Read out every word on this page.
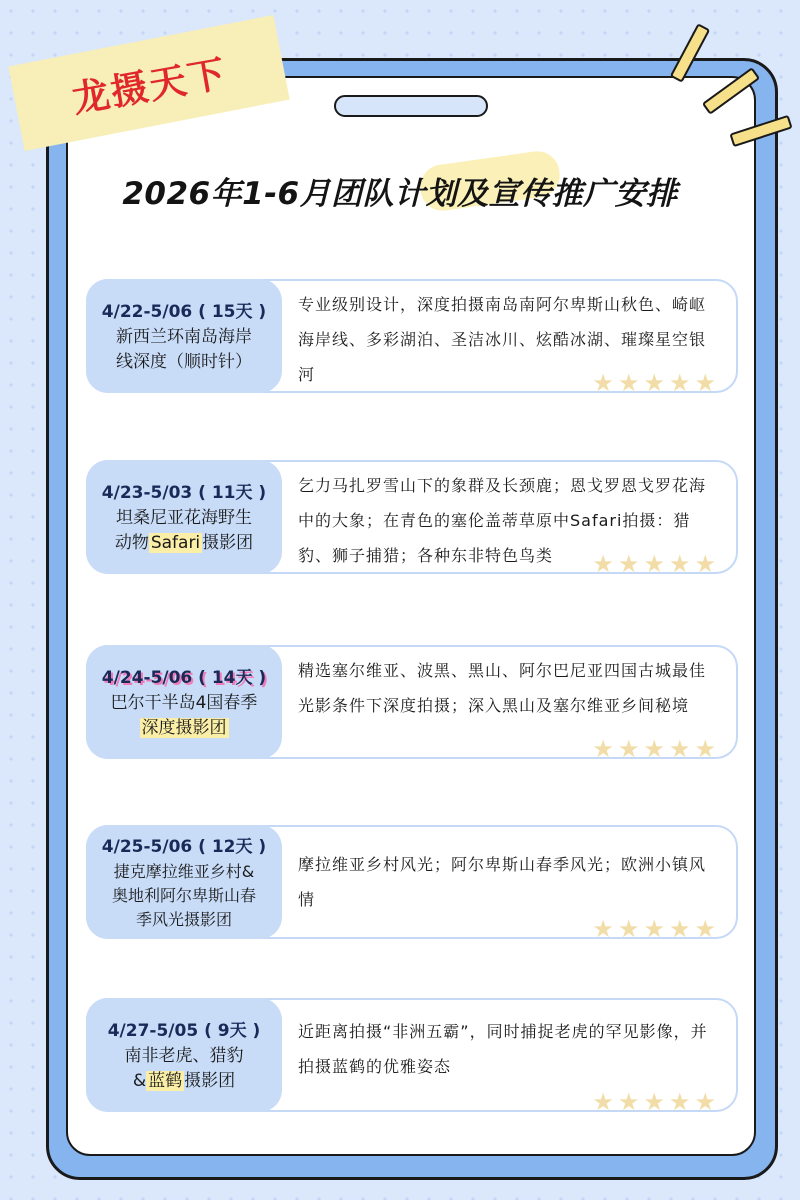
龙摄天下
2026年1-6月团队计划及宣传推广安排
4/22-5/06 ( 15天 )
新西兰环南岛海岸
线深度（顺时针）
专业级别设计，深度拍摄南岛南阿尔卑斯山秋色、崎岖海岸线、多彩湖泊、圣洁冰川、炫酷冰湖、璀璨星空银河	★ ★ ★ ★ ★
4/23-5/03 ( 11天 )
坦桑尼亚花海野生
动物 Safari 摄影团
乞力马扎罗雪山下的象群及长颈鹿；恩戈罗恩戈罗花海中的大象；在青色的塞伦盖蒂草原中Safari拍摄：猎豹、狮子捕猎；各种东非特色鸟类	★ ★ ★ ★ ★
4/24-5/06 ( 14天 )
巴尔干半岛4国春季
深度摄影团
精选塞尔维亚、波黑、黑山、阿尔巴尼亚四国古城最佳光影条件下深度拍摄；深入黑山及塞尔维亚乡间秘境
★ ★ ★ ★ ★
4/25-5/06 ( 12天 )
捷克摩拉维亚乡村&
奥地利阿尔卑斯山春
季风光摄影团
摩拉维亚乡村风光；阿尔卑斯山春季风光；欧洲小镇风情
★ ★ ★ ★ ★
4/27-5/05 ( 9天 )
南非老虎、猎豹
& 蓝鹤 摄影团
近距离拍摄“非洲五霸”，同时捕捉老虎的罕见影像，并拍摄蓝鹤的优雅姿态
★ ★ ★ ★ ★
